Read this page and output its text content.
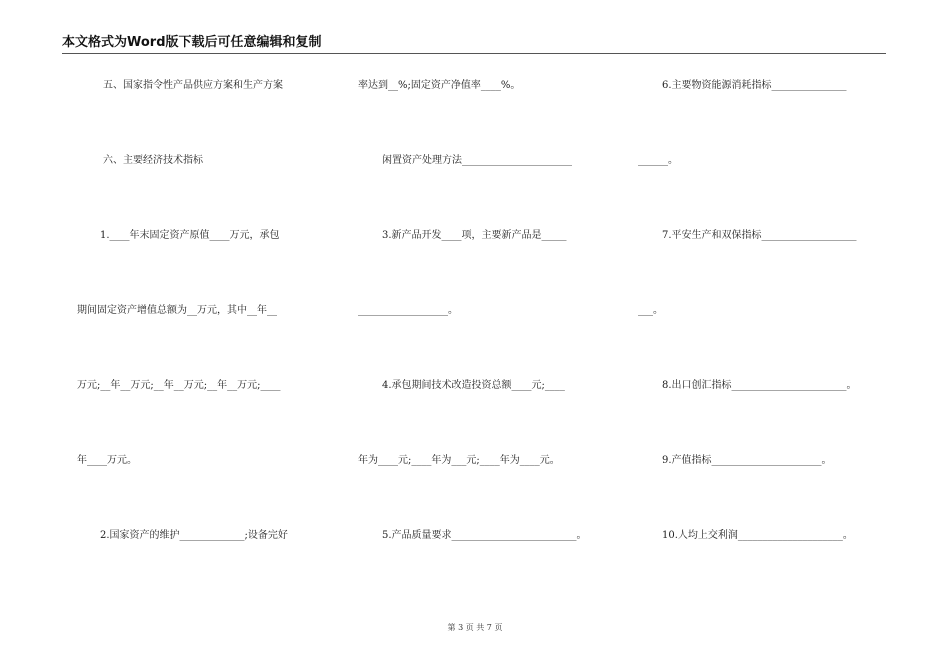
本文格式为Word版下载后可任意编辑和复制
五、国家指令性产品供应方案和生产方案
六、主要经济技术指标
1.____年末固定资产原值____万元，承包
期间固定资产增值总额为__万元，其中__年__
万元;__年__万元;__年__万元;__年__万元;____
年____万元。
2.国家资产的维护_____________;设备完好
率达到__%;固定资产净值率____%。
闲置资产处理方法______________________
3.新产品开发____项，主要新产品是_____
__________________。
4.承包期间技术改造投资总额____元;____
年为____元;____年为___元;____年为____元。
5.产品质量要求_________________________。
6.主要物资能源消耗指标_______________
______。
7.平安生产和双保指标___________________
___。
8.出口创汇指标_______________________。
9.产值指标______________________。
10.人均上交利润_____________________。
第 3 页 共 7 页
